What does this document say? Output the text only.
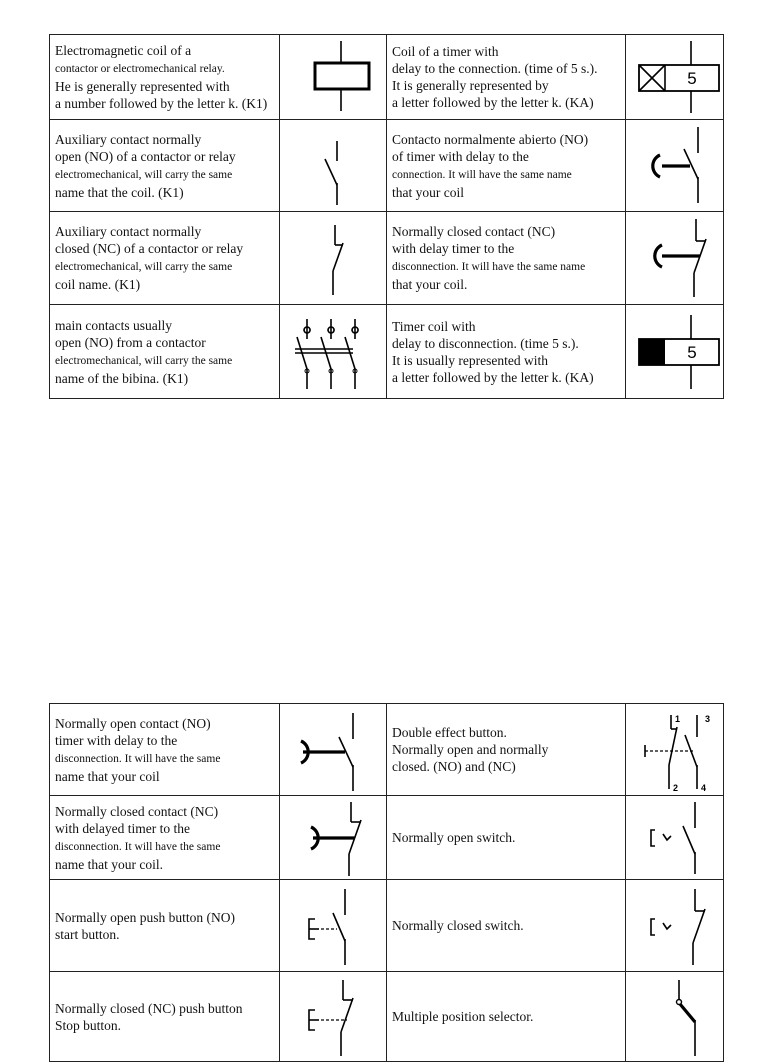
Electromagnetic coil of a
contactor or electromechanical relay.
He is generally represented with
a number followed by the letter k. (K1)		Coil of a timer with
delay to the connection. (time of 5 s.).
It is generally represented by
a letter followed by the letter k. (KA)	5

Auxiliary contact normally
open (NO) of a contactor or relay
electromechanical, will carry the same
name that the coil. (K1)		Contacto normalmente abierto (NO)
of timer with delay to the
connection. It will have the same name
that your coil	

Auxiliary contact normally
closed (NC) of a contactor or relay
electromechanical, will carry the same
coil name. (K1)		Normally closed contact (NC)
with delay timer to the
disconnection. It will have the same name
that your coil.	

main contacts usually
open (NO) from a contactor
electromechanical, will carry the same
name of the bibina. (K1)		Timer coil with
delay to disconnection. (time 5 s.).
It is usually represented with
a letter followed by the letter k. (KA)	5
Normally open contact (NO)
timer with delay to the
disconnection. It will have the same
name that your coil		Double effect button.
Normally open and normally
closed. (NO) and (NC)	1 3
2 4

Normally closed contact (NC)
with delayed timer to the
disconnection. It will have the same
name that your coil.		Normally open switch.	

Normally open push button (NO)
start button.		Normally closed switch.	

Normally closed (NC) push button
Stop button.		Multiple position selector.	
